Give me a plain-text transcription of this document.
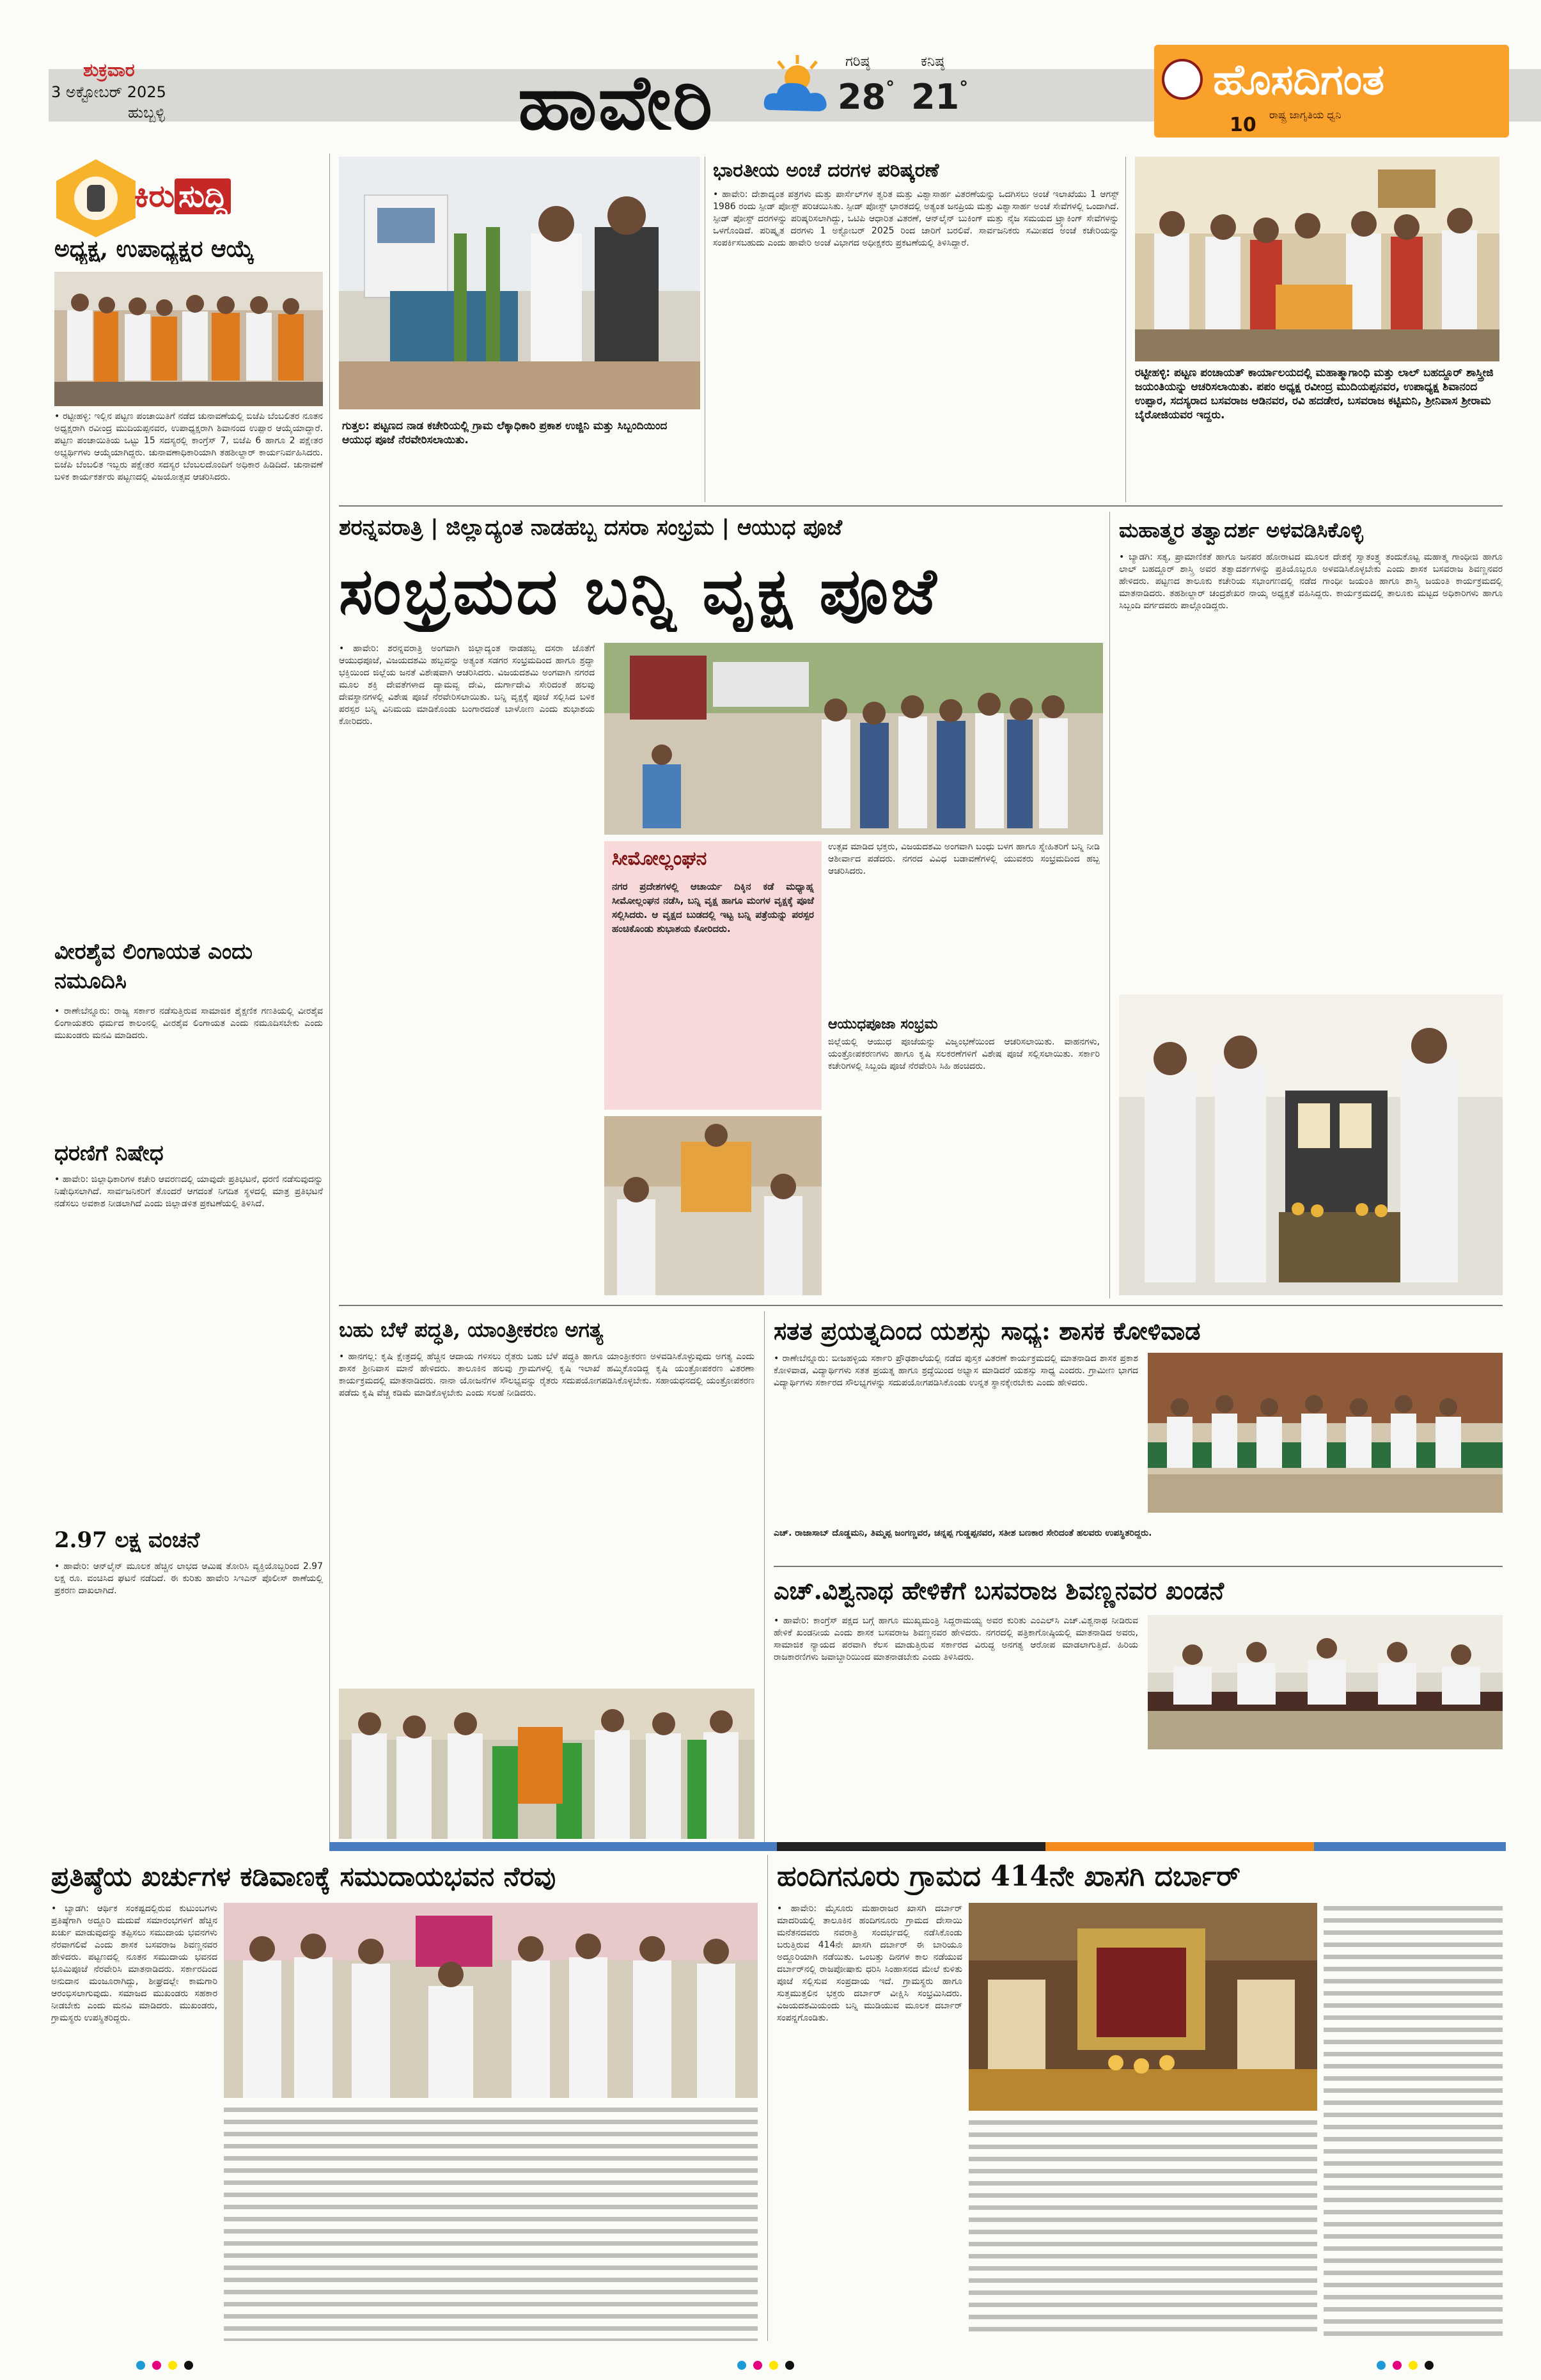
ಶುಕ್ರವಾರ
3 ಅಕ್ಟೋಬರ್ 2025
ಹುಬ್ಬಳ್ಳಿ	ಹಾವೇರಿ	ಗರಿಷ್ಠ
28°
ಕನಿಷ್ಠ
21°	ಹೊಸದಿಗಂತ
ರಾಷ್ಟ್ರ ಜಾಗೃತಿಯ ಧ್ವನಿ
10
ಕಿರು ಸುದ್ದಿ
ಅಧ್ಯಕ್ಷ, ಉಪಾಧ್ಯಕ್ಷರ ಆಯ್ಕೆ
• ರಟ್ಟೀಹಳ್ಳಿ: ಇಲ್ಲಿನ ಪಟ್ಟಣ ಪಂಚಾಯಿತಿಗೆ ನಡೆದ ಚುನಾವಣೆಯಲ್ಲಿ ಬಿಜೆಪಿ ಬೆಂಬಲಿತರ ನೂತನ ಅಧ್ಯಕ್ಷರಾಗಿ ರವೀಂದ್ರ ಮುದಿಯಪ್ಪನವರ, ಉಪಾಧ್ಯಕ್ಷರಾಗಿ ಶಿವಾನಂದ ಉಪ್ಪಾರ ಆಯ್ಕೆಯಾದ್ದಾರೆ. ಪಟ್ಟಣ ಪಂಚಾಯಿತಿಯ ಒಟ್ಟು 15 ಸದಸ್ಯರಲ್ಲಿ ಕಾಂಗ್ರೆಸ್ 7, ಬಿಜೆಪಿ 6 ಹಾಗೂ 2 ಪಕ್ಷೇತರ ಅಭ್ಯರ್ಥಿಗಳು ಆಯ್ಕೆಯಾಗಿದ್ದರು. ಚುನಾವಣಾಧಿಕಾರಿಯಾಗಿ ತಹಶೀಲ್ದಾರ್ ಕಾರ್ಯನಿರ್ವಹಿಸಿದರು. ಬಿಜೆಪಿ ಬೆಂಬಲಿತ ಇಬ್ಬರು ಪಕ್ಷೇತರ ಸದಸ್ಯರ ಬೆಂಬಲದೊಂದಿಗೆ ಅಧಿಕಾರ ಹಿಡಿದಿದೆ. ಚುನಾವಣೆ ಬಳಿಕ ಕಾರ್ಯಕರ್ತರು ಪಟ್ಟಣದಲ್ಲಿ ವಿಜಯೋತ್ಸವ ಆಚರಿಸಿದರು.
ವೀರಶೈವ ಲಿಂಗಾಯತ ಎಂದು ನಮೂದಿಸಿ
• ರಾಣೇಬೆನ್ನೂರು: ರಾಜ್ಯ ಸರ್ಕಾರ ನಡೆಸುತ್ತಿರುವ ಸಾಮಾಜಿಕ ಶೈಕ್ಷಣಿಕ ಗಣತಿಯಲ್ಲಿ ವೀರಶೈವ ಲಿಂಗಾಯತರು ಧರ್ಮದ ಕಾಲಂನಲ್ಲಿ ವೀರಶೈವ ಲಿಂಗಾಯತ ಎಂದು ನಮೂದಿಸಬೇಕು ಎಂದು ಮುಖಂಡರು ಮನವಿ ಮಾಡಿದರು.
ಧರಣಿಗೆ ನಿಷೇಧ
• ಹಾವೇರಿ: ಜಿಲ್ಲಾಧಿಕಾರಿಗಳ ಕಚೇರಿ ಆವರಣದಲ್ಲಿ ಯಾವುದೇ ಪ್ರತಿಭಟನೆ, ಧರಣಿ ನಡೆಸುವುದನ್ನು ನಿಷೇಧಿಸಲಾಗಿದೆ. ಸಾರ್ವಜನಿಕರಿಗೆ ತೊಂದರೆ ಆಗದಂತೆ ನಿಗದಿತ ಸ್ಥಳದಲ್ಲಿ ಮಾತ್ರ ಪ್ರತಿಭಟನೆ ನಡೆಸಲು ಅವಕಾಶ ನೀಡಲಾಗಿದೆ ಎಂದು ಜಿಲ್ಲಾಡಳಿತ ಪ್ರಕಟಣೆಯಲ್ಲಿ ತಿಳಿಸಿದೆ.
2.97 ಲಕ್ಷ ವಂಚನೆ
• ಹಾವೇರಿ: ಆನ್‌ಲೈನ್ ಮೂಲಕ ಹೆಚ್ಚಿನ ಲಾಭದ ಆಮಿಷ ತೋರಿಸಿ ವ್ಯಕ್ತಿಯೊಬ್ಬರಿಂದ 2.97 ಲಕ್ಷ ರೂ. ವಂಚಿಸಿದ ಘಟನೆ ನಡೆದಿದೆ. ಈ ಕುರಿತು ಹಾವೇರಿ ಸಿಇಎನ್ ಪೊಲೀಸ್ ಠಾಣೆಯಲ್ಲಿ ಪ್ರಕರಣ ದಾಖಲಾಗಿದೆ.
ಗುತ್ತಲ: ಪಟ್ಟಣದ ನಾಡ ಕಚೇರಿಯಲ್ಲಿ ಗ್ರಾಮ ಲೆಕ್ಕಾಧಿಕಾರಿ ಪ್ರಕಾಶ ಉಜ್ಜಿನಿ ಮತ್ತು ಸಿಬ್ಬಂದಿಯಿಂದ ಆಯುಧ ಪೂಜೆ ನೆರವೇರಿಸಲಾಯಿತು.
ಭಾರತೀಯ ಅಂಚೆ ದರಗಳ ಪರಿಷ್ಕರಣೆ
• ಹಾವೇರಿ: ದೇಶಾದ್ಯಂತ ಪತ್ರಗಳು ಮತ್ತು ಪಾರ್ಸೆಲ್‌ಗಳ ತ್ವರಿತ ಮತ್ತು ವಿಶ್ವಾಸಾರ್ಹ ವಿತರಣೆಯನ್ನು ಒದಗಿಸಲು ಅಂಚೆ ಇಲಾಖೆಯು 1 ಆಗಸ್ಟ್ 1986 ರಂದು ಸ್ಪೀಡ್ ಪೋಸ್ಟ್ ಪರಿಚಯಿಸಿತು. ಸ್ಪೀಡ್ ಪೋಸ್ಟ್ ಭಾರತದಲ್ಲಿ ಅತ್ಯಂತ ಜನಪ್ರಿಯ ಮತ್ತು ವಿಶ್ವಾಸಾರ್ಹ ಅಂಚೆ ಸೇವೆಗಳಲ್ಲಿ ಒಂದಾಗಿದೆ. ಸ್ಪೀಡ್ ಪೋಸ್ಟ್ ದರಗಳನ್ನು ಪರಿಷ್ಕರಿಸಲಾಗಿದ್ದು, ಒಟಿಪಿ ಆಧಾರಿತ ವಿತರಣೆ, ಆನ್‌ಲೈನ್ ಬುಕಿಂಗ್ ಮತ್ತು ನೈಜ ಸಮಯದ ಟ್ರ್ಯಾಕಿಂಗ್ ಸೇವೆಗಳನ್ನು ಒಳಗೊಂಡಿದೆ. ಪರಿಷ್ಕೃತ ದರಗಳು 1 ಅಕ್ಟೋಬರ್ 2025 ರಿಂದ ಜಾರಿಗೆ ಬರಲಿವೆ. ಸಾರ್ವಜನಿಕರು ಸಮೀಪದ ಅಂಚೆ ಕಚೇರಿಯನ್ನು ಸಂಪರ್ಕಿಸಬಹುದು ಎಂದು ಹಾವೇರಿ ಅಂಚೆ ವಿಭಾಗದ ಅಧೀಕ್ಷಕರು ಪ್ರಕಟಣೆಯಲ್ಲಿ ತಿಳಿಸಿದ್ದಾರೆ.
ರಟ್ಟೀಹಳ್ಳಿ: ಪಟ್ಟಣ ಪಂಚಾಯತ್ ಕಾರ್ಯಾಲಯದಲ್ಲಿ ಮಹಾತ್ಮಾಗಾಂಧಿ ಮತ್ತು ಲಾಲ್ ಬಹದ್ದೂರ್ ಶಾಸ್ತ್ರೀಜಿ ಜಯಂತಿಯನ್ನು ಆಚರಿಸಲಾಯಿತು. ಪಪಂ ಅಧ್ಯಕ್ಷ ರವೀಂದ್ರ ಮುದಿಯಪ್ಪನವರ, ಉಪಾಧ್ಯಕ್ಷ ಶಿವಾನಂದ ಉಪ್ಪಾರ, ಸದಸ್ಯರಾದ ಬಸವರಾಜ ಆಡಿನವರ, ರವಿ ಹದಡೇರ, ಬಸವರಾಜ ಕಟ್ಟಿಮನಿ, ಶ್ರೀನಿವಾಸ ಶ್ರೀರಾಮ ಬೈರೋಜಿಯವರ ಇದ್ದರು.
ಶರನ್ನವರಾತ್ರಿ | ಜಿಲ್ಲಾದ್ಯಂತ ನಾಡಹಬ್ಬ ದಸರಾ ಸಂಭ್ರಮ | ಆಯುಧ ಪೂಜೆ
ಸಂಭ್ರಮದ ಬನ್ನಿ ವೃಕ್ಷ ಪೂಜೆ
• ಹಾವೇರಿ: ಶರನ್ನವರಾತ್ರಿ ಅಂಗವಾಗಿ ಜಿಲ್ಲಾದ್ಯಂತ ನಾಡಹಬ್ಬ ದಸರಾ ಜೊತೆಗೆ ಆಯುಧಪೂಜೆ, ವಿಜಯದಶಮಿ ಹಬ್ಬವನ್ನು ಅತ್ಯಂತ ಸಡಗರ ಸಂಭ್ರಮದಿಂದ ಹಾಗೂ ಶ್ರದ್ಧಾ ಭಕ್ತಿಯಿಂದ ಜಿಲ್ಲೆಯ ಜನತೆ ವಿಶೇಷವಾಗಿ ಆಚರಿಸಿದರು. ವಿಜಯದಶಮಿ ಅಂಗವಾಗಿ ನಗರದ ಮೂಲ ಶಕ್ತಿ ದೇವತೆಗಳಾದ ದ್ಯಾಮವ್ವ ದೇವಿ, ದುರ್ಗಾದೇವಿ ಸೇರಿದಂತೆ ಹಲವು ದೇವಸ್ಥಾನಗಳಲ್ಲಿ ವಿಶೇಷ ಪೂಜೆ ನೆರವೇರಿಸಲಾಯಿತು. ಬನ್ನಿ ವೃಕ್ಷಕ್ಕೆ ಪೂಜೆ ಸಲ್ಲಿಸಿದ ಬಳಿಕ ಪರಸ್ಪರ ಬನ್ನಿ ವಿನಿಮಯ ಮಾಡಿಕೊಂಡು ಬಂಗಾರದಂತೆ ಬಾಳೋಣ ಎಂದು ಶುಭಾಶಯ ಕೋರಿದರು.
ಸೀಮೋಲ್ಲಂಘನ
ನಗರ ಪ್ರದೇಶಗಳಲ್ಲಿ ಆಚಾರ್ಯ ದಿಕ್ಕಿನ ಕಡೆ ಮಧ್ಯಾಹ್ನ ಸೀಮೋಲ್ಲಂಘನ ನಡೆಸಿ, ಬನ್ನಿ ವೃಕ್ಷ ಹಾಗೂ ಮಂಗಳ ವೃಕ್ಷಕ್ಕೆ ಪೂಜೆ ಸಲ್ಲಿಸಿದರು. ಆ ವೃಕ್ಷದ ಬುಡದಲ್ಲಿ ಇಟ್ಟ ಬನ್ನಿ ಪತ್ರೆಯನ್ನು ಪರಸ್ಪರ ಹಂಚಿಕೊಂಡು ಶುಭಾಶಯ ಕೋರಿದರು.
ಉತ್ಸವ ಮಾಡಿದ ಭಕ್ತರು, ವಿಜಯದಶಮಿ ಅಂಗವಾಗಿ ಬಂಧು ಬಳಗ ಹಾಗೂ ಸ್ನೇಹಿತರಿಗೆ ಬನ್ನಿ ನೀಡಿ ಆಶೀರ್ವಾದ ಪಡೆದರು. ನಗರದ ವಿವಿಧ ಬಡಾವಣೆಗಳಲ್ಲಿ ಯುವಕರು ಸಂಭ್ರಮದಿಂದ ಹಬ್ಬ ಆಚರಿಸಿದರು.
ಆಯುಧಪೂಜಾ ಸಂಭ್ರಮ
ಜಿಲ್ಲೆಯಲ್ಲಿ ಆಯುಧ ಪೂಜೆಯನ್ನು ವಿಜೃಂಭಣೆಯಿಂದ ಆಚರಿಸಲಾಯಿತು. ವಾಹನಗಳು, ಯಂತ್ರೋಪಕರಣಗಳು ಹಾಗೂ ಕೃಷಿ ಸಲಕರಣೆಗಳಿಗೆ ವಿಶೇಷ ಪೂಜೆ ಸಲ್ಲಿಸಲಾಯಿತು. ಸರ್ಕಾರಿ ಕಚೇರಿಗಳಲ್ಲಿ ಸಿಬ್ಬಂದಿ ಪೂಜೆ ನೆರವೇರಿಸಿ ಸಿಹಿ ಹಂಚಿದರು.
ಮಹಾತ್ಮರ ತತ್ವಾದರ್ಶ ಅಳವಡಿಸಿಕೊಳ್ಳಿ
• ಬ್ಯಾಡಗಿ: ಸತ್ಯ, ಪ್ರಾಮಾಣಿಕತೆ ಹಾಗೂ ಜನಪರ ಹೋರಾಟದ ಮೂಲಕ ದೇಶಕ್ಕೆ ಸ್ವಾತಂತ್ರ್ಯ ತಂದುಕೊಟ್ಟ ಮಹಾತ್ಮ ಗಾಂಧೀಜಿ ಹಾಗೂ ಲಾಲ್ ಬಹದ್ದೂರ್ ಶಾಸ್ತ್ರಿ ಅವರ ತತ್ವಾದರ್ಶಗಳನ್ನು ಪ್ರತಿಯೊಬ್ಬರೂ ಅಳವಡಿಸಿಕೊಳ್ಳಬೇಕು ಎಂದು ಶಾಸಕ ಬಸವರಾಜ ಶಿವಣ್ಣನವರ ಹೇಳಿದರು. ಪಟ್ಟಣದ ತಾಲೂಕು ಕಚೇರಿಯ ಸಭಾಂಗಣದಲ್ಲಿ ನಡೆದ ಗಾಂಧೀ ಜಯಂತಿ ಹಾಗೂ ಶಾಸ್ತ್ರಿ ಜಯಂತಿ ಕಾರ್ಯಕ್ರಮದಲ್ಲಿ ಮಾತನಾಡಿದರು. ತಹಶೀಲ್ದಾರ್ ಚಂದ್ರಶೇಖರ ನಾಯ್ಕ ಅಧ್ಯಕ್ಷತೆ ವಹಿಸಿದ್ದರು. ಕಾರ್ಯಕ್ರಮದಲ್ಲಿ ತಾಲೂಕು ಮಟ್ಟದ ಅಧಿಕಾರಿಗಳು ಹಾಗೂ ಸಿಬ್ಬಂದಿ ವರ್ಗದವರು ಪಾಲ್ಗೊಂಡಿದ್ದರು.
ಬಹು ಬೆಳೆ ಪದ್ಧತಿ, ಯಾಂತ್ರೀಕರಣ ಅಗತ್ಯ
• ಹಾನಗಲ್ಲ: ಕೃಷಿ ಕ್ಷೇತ್ರದಲ್ಲಿ ಹೆಚ್ಚಿನ ಆದಾಯ ಗಳಿಸಲು ರೈತರು ಬಹು ಬೆಳೆ ಪದ್ಧತಿ ಹಾಗೂ ಯಾಂತ್ರೀಕರಣ ಅಳವಡಿಸಿಕೊಳ್ಳುವುದು ಅಗತ್ಯ ಎಂದು ಶಾಸಕ ಶ್ರೀನಿವಾಸ ಮಾನೆ ಹೇಳಿದರು. ತಾಲೂಕಿನ ಹಲವು ಗ್ರಾಮಗಳಲ್ಲಿ ಕೃಷಿ ಇಲಾಖೆ ಹಮ್ಮಿಕೊಂಡಿದ್ದ ಕೃಷಿ ಯಂತ್ರೋಪಕರಣ ವಿತರಣಾ ಕಾರ್ಯಕ್ರಮದಲ್ಲಿ ಮಾತನಾಡಿದರು. ನಾನಾ ಯೋಜನೆಗಳ ಸೌಲಭ್ಯವನ್ನು ರೈತರು ಸದುಪಯೋಗಪಡಿಸಿಕೊಳ್ಳಬೇಕು. ಸಹಾಯಧನದಲ್ಲಿ ಯಂತ್ರೋಪಕರಣ ಪಡೆದು ಕೃಷಿ ವೆಚ್ಚ ಕಡಿಮೆ ಮಾಡಿಕೊಳ್ಳಬೇಕು ಎಂದು ಸಲಹೆ ನೀಡಿದರು.
ಸತತ ಪ್ರಯತ್ನದಿಂದ ಯಶಸ್ಸು ಸಾಧ್ಯ: ಶಾಸಕ ಕೋಳಿವಾಡ
• ರಾಣೇಬೆನ್ನೂರು: ಬೀಜಹಳ್ಳಿಯ ಸರ್ಕಾರಿ ಪ್ರೌಢಶಾಲೆಯಲ್ಲಿ ನಡೆದ ಪುಸ್ತಕ ವಿತರಣೆ ಕಾರ್ಯಕ್ರಮದಲ್ಲಿ ಮಾತನಾಡಿದ ಶಾಸಕ ಪ್ರಕಾಶ ಕೋಳಿವಾಡ, ವಿದ್ಯಾರ್ಥಿಗಳು ಸತತ ಪ್ರಯತ್ನ ಹಾಗೂ ಶ್ರದ್ಧೆಯಿಂದ ಅಭ್ಯಾಸ ಮಾಡಿದರೆ ಯಶಸ್ಸು ಸಾಧ್ಯ ಎಂದರು. ಗ್ರಾಮೀಣ ಭಾಗದ ವಿದ್ಯಾರ್ಥಿಗಳು ಸರ್ಕಾರದ ಸೌಲಭ್ಯಗಳನ್ನು ಸದುಪಯೋಗಪಡಿಸಿಕೊಂಡು ಉನ್ನತ ಸ್ಥಾನಕ್ಕೇರಬೇಕು ಎಂದು ಹೇಳಿದರು.
ಎಚ್. ರಾಜಾಸಾಬ್ ದೊಡ್ಡಮನಿ, ತಿಮ್ಮಪ್ಪ ಜಂಗಣ್ಣವರ, ಚನ್ನಪ್ಪ ಗುಡ್ಡಪ್ಪನವರ, ಸತೀಶ ಬಣಕಾರ ಸೇರಿದಂತೆ ಹಲವರು ಉಪಸ್ಥಿತರಿದ್ದರು.
ಎಚ್.ವಿಶ್ವನಾಥ ಹೇಳಿಕೆಗೆ ಬಸವರಾಜ ಶಿವಣ್ಣನವರ ಖಂಡನೆ
• ಹಾವೇರಿ: ಕಾಂಗ್ರೆಸ್ ಪಕ್ಷದ ಬಗ್ಗೆ ಹಾಗೂ ಮುಖ್ಯಮಂತ್ರಿ ಸಿದ್ದರಾಮಯ್ಯ ಅವರ ಕುರಿತು ಎಂಎಲ್‌ಸಿ ಎಚ್.ವಿಶ್ವನಾಥ ನೀಡಿರುವ ಹೇಳಿಕೆ ಖಂಡನೀಯ ಎಂದು ಶಾಸಕ ಬಸವರಾಜ ಶಿವಣ್ಣನವರ ಹೇಳಿದರು. ನಗರದಲ್ಲಿ ಪತ್ರಿಕಾಗೋಷ್ಠಿಯಲ್ಲಿ ಮಾತನಾಡಿದ ಅವರು, ಸಾಮಾಜಿಕ ನ್ಯಾಯದ ಪರವಾಗಿ ಕೆಲಸ ಮಾಡುತ್ತಿರುವ ಸರ್ಕಾರದ ವಿರುದ್ಧ ಅನಗತ್ಯ ಆರೋಪ ಮಾಡಲಾಗುತ್ತಿದೆ. ಹಿರಿಯ ರಾಜಕಾರಣಿಗಳು ಜವಾಬ್ದಾರಿಯಿಂದ ಮಾತನಾಡಬೇಕು ಎಂದು ತಿಳಿಸಿದರು.
ಪ್ರತಿಷ್ಠೆಯ ಖರ್ಚುಗಳ ಕಡಿವಾಣಕ್ಕೆ ಸಮುದಾಯಭವನ ನೆರವು
• ಬ್ಯಾಡಗಿ: ಆರ್ಥಿಕ ಸಂಕಷ್ಟದಲ್ಲಿರುವ ಕುಟುಂಬಗಳು ಪ್ರತಿಷ್ಠೆಗಾಗಿ ಅದ್ದೂರಿ ಮದುವೆ ಸಮಾರಂಭಗಳಿಗೆ ಹೆಚ್ಚಿನ ಖರ್ಚು ಮಾಡುವುದನ್ನು ತಪ್ಪಿಸಲು ಸಮುದಾಯ ಭವನಗಳು ನೆರವಾಗಲಿವೆ ಎಂದು ಶಾಸಕ ಬಸವರಾಜ ಶಿವಣ್ಣನವರ ಹೇಳಿದರು. ಪಟ್ಟಣದಲ್ಲಿ ನೂತನ ಸಮುದಾಯ ಭವನದ ಭೂಮಿಪೂಜೆ ನೆರವೇರಿಸಿ ಮಾತನಾಡಿದರು. ಸರ್ಕಾರದಿಂದ ಅನುದಾನ ಮಂಜೂರಾಗಿದ್ದು, ಶೀಘ್ರದಲ್ಲೇ ಕಾಮಗಾರಿ ಆರಂಭಿಸಲಾಗುವುದು. ಸಮಾಜದ ಮುಖಂಡರು ಸಹಕಾರ ನೀಡಬೇಕು ಎಂದು ಮನವಿ ಮಾಡಿದರು. ಮುಖಂಡರು, ಗ್ರಾಮಸ್ಥರು ಉಪಸ್ಥಿತರಿದ್ದರು.
ಹಂದಿಗನೂರು ಗ್ರಾಮದ 414ನೇ ಖಾಸಗಿ ದರ್ಬಾರ್
• ಹಾವೇರಿ: ಮೈಸೂರು ಮಹಾರಾಜರ ಖಾಸಗಿ ದರ್ಬಾರ್ ಮಾದರಿಯಲ್ಲಿ ತಾಲೂಕಿನ ಹಂದಿಗನೂರು ಗ್ರಾಮದ ದೇಸಾಯಿ ಮನೆತನದವರು ನವರಾತ್ರಿ ಸಂದರ್ಭದಲ್ಲಿ ನಡೆಸಿಕೊಂಡು ಬರುತ್ತಿರುವ 414ನೇ ಖಾಸಗಿ ದರ್ಬಾರ್ ಈ ಬಾರಿಯೂ ಅದ್ದೂರಿಯಾಗಿ ನಡೆಯಿತು. ಒಂಬತ್ತು ದಿನಗಳ ಕಾಲ ನಡೆಯುವ ದರ್ಬಾರ್‌ನಲ್ಲಿ ರಾಜಪೋಷಾಕು ಧರಿಸಿ ಸಿಂಹಾಸನದ ಮೇಲೆ ಕುಳಿತು ಪೂಜೆ ಸಲ್ಲಿಸುವ ಸಂಪ್ರದಾಯ ಇದೆ. ಗ್ರಾಮಸ್ಥರು ಹಾಗೂ ಸುತ್ತಮುತ್ತಲಿನ ಭಕ್ತರು ದರ್ಬಾರ್ ವೀಕ್ಷಿಸಿ ಸಂಭ್ರಮಿಸಿದರು. ವಿಜಯದಶಮಿಯಂದು ಬನ್ನಿ ಮುಡಿಯುವ ಮೂಲಕ ದರ್ಬಾರ್ ಸಂಪನ್ನಗೊಂಡಿತು.
